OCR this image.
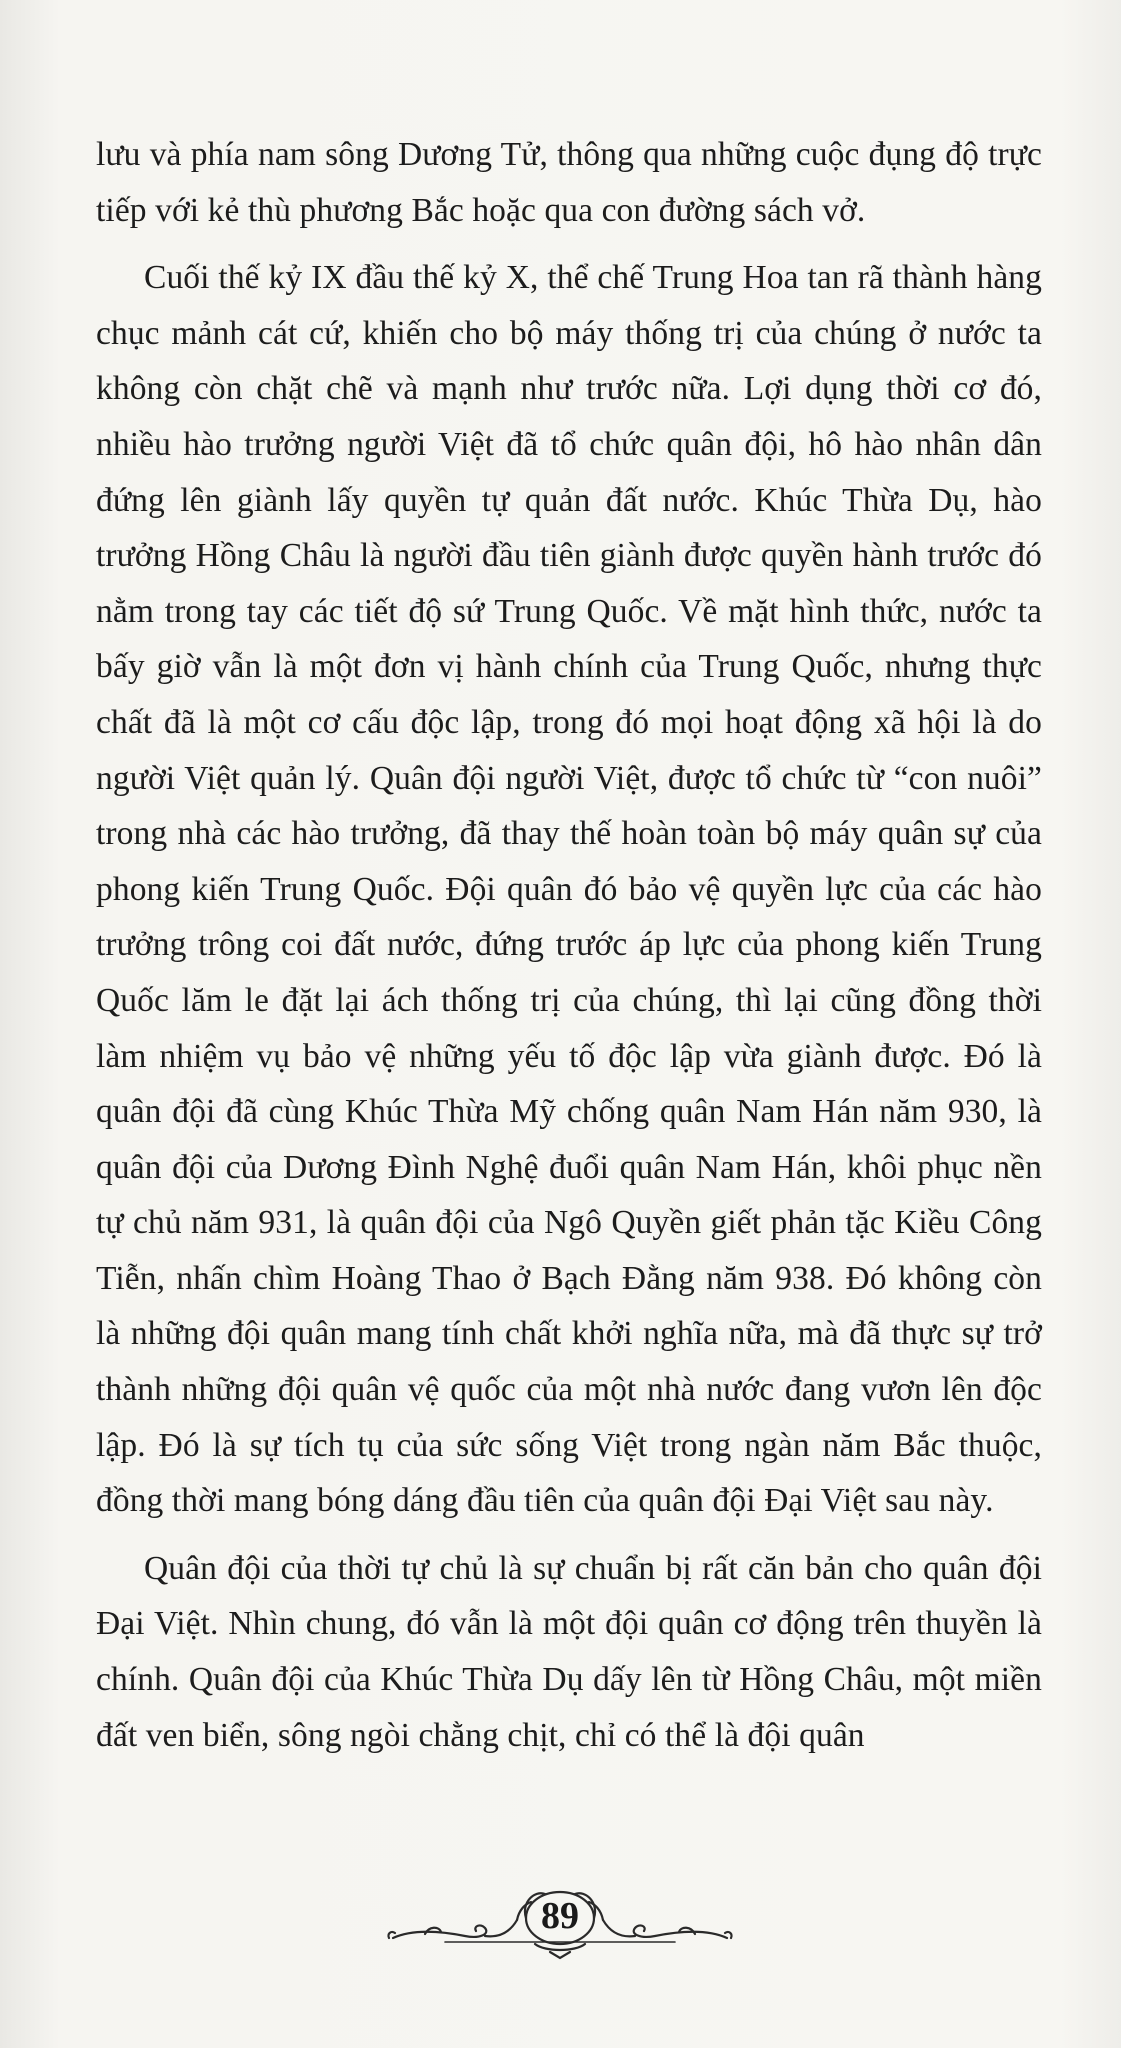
lưu và phía nam sông Dương Tử, thông qua những cuộc đụng độ trực tiếp với kẻ thù phương Bắc hoặc qua con đường sách vở.

Cuối thế kỷ IX đầu thế kỷ X, thể chế Trung Hoa tan rã thành hàng chục mảnh cát cứ, khiến cho bộ máy thống trị của chúng ở nước ta không còn chặt chẽ và mạnh như trước nữa. Lợi dụng thời cơ đó, nhiều hào trưởng người Việt đã tổ chức quân đội, hô hào nhân dân đứng lên giành lấy quyền tự quản đất nước. Khúc Thừa Dụ, hào trưởng Hồng Châu là người đầu tiên giành được quyền hành trước đó nằm trong tay các tiết độ sứ Trung Quốc. Về mặt hình thức, nước ta bấy giờ vẫn là một đơn vị hành chính của Trung Quốc, nhưng thực chất đã là một cơ cấu độc lập, trong đó mọi hoạt động xã hội là do người Việt quản lý. Quân đội người Việt, được tổ chức từ “con nuôi” trong nhà các hào trưởng, đã thay thế hoàn toàn bộ máy quân sự của phong kiến Trung Quốc. Đội quân đó bảo vệ quyền lực của các hào trưởng trông coi đất nước, đứng trước áp lực của phong kiến Trung Quốc lăm le đặt lại ách thống trị của chúng, thì lại cũng đồng thời làm nhiệm vụ bảo vệ những yếu tố độc lập vừa giành được. Đó là quân đội đã cùng Khúc Thừa Mỹ chống quân Nam Hán năm 930, là quân đội của Dương Đình Nghệ đuổi quân Nam Hán, khôi phục nền tự chủ năm 931, là quân đội của Ngô Quyền giết phản tặc Kiều Công Tiễn, nhấn chìm Hoàng Thao ở Bạch Đằng năm 938. Đó không còn là những đội quân mang tính chất khởi nghĩa nữa, mà đã thực sự trở thành những đội quân vệ quốc của một nhà nước đang vươn lên độc lập. Đó là sự tích tụ của sức sống Việt trong ngàn năm Bắc thuộc, đồng thời mang bóng dáng đầu tiên của quân đội Đại Việt sau này.

Quân đội của thời tự chủ là sự chuẩn bị rất căn bản cho quân đội Đại Việt. Nhìn chung, đó vẫn là một đội quân cơ động trên thuyền là chính. Quân đội của Khúc Thừa Dụ dấy lên từ Hồng Châu, một miền đất ven biển, sông ngòi chằng chịt, chỉ có thể là đội quân

89
